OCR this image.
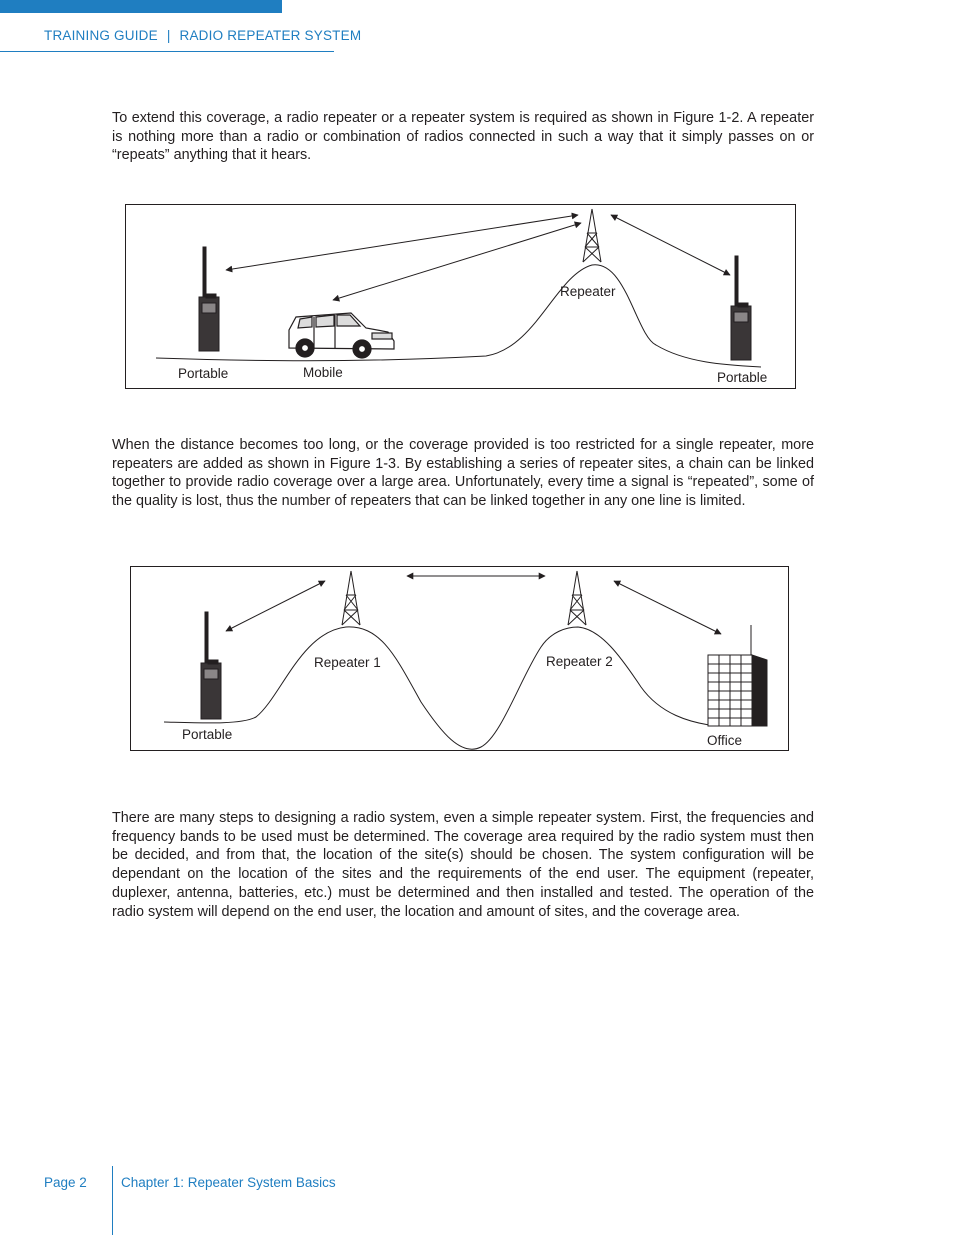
TRAINING GUIDE | RADIO REPEATER SYSTEM

To extend this coverage, a radio repeater or a repeater system is required as shown in Figure 1-2. A repeater is nothing more than a radio or combination of radios connected in such a way that it simply passes on or “repeats” anything that it hears.

Portable	Mobile
Repeater
Portable

When the distance becomes too long, or the coverage provided is too restricted for a single repeater, more repeaters are added as shown in Figure 1-3. By establishing a series of repeater sites, a chain can be linked together to provide radio coverage over a large area. Unfortunately, every time a signal is “repeated”, some of the quality is lost, thus the number of repeaters that can be linked together in any one line is limited.

Portable
Repeater 1	Repeater 2
Office

There are many steps to designing a radio system, even a simple repeater system. First, the frequencies and frequency bands to be used must be determined. The coverage area required by the radio system must then be decided, and from that, the location of the site(s) should be chosen. The system configuration will be dependant on the location of the sites and the requirements of the end user. The equipment (repeater, duplexer, antenna, batteries, etc.) must be determined and then installed and tested. The operation of the radio system will depend on the end user, the location and amount of sites, and the coverage area.

Page 2	Chapter 1: Repeater System Basics
